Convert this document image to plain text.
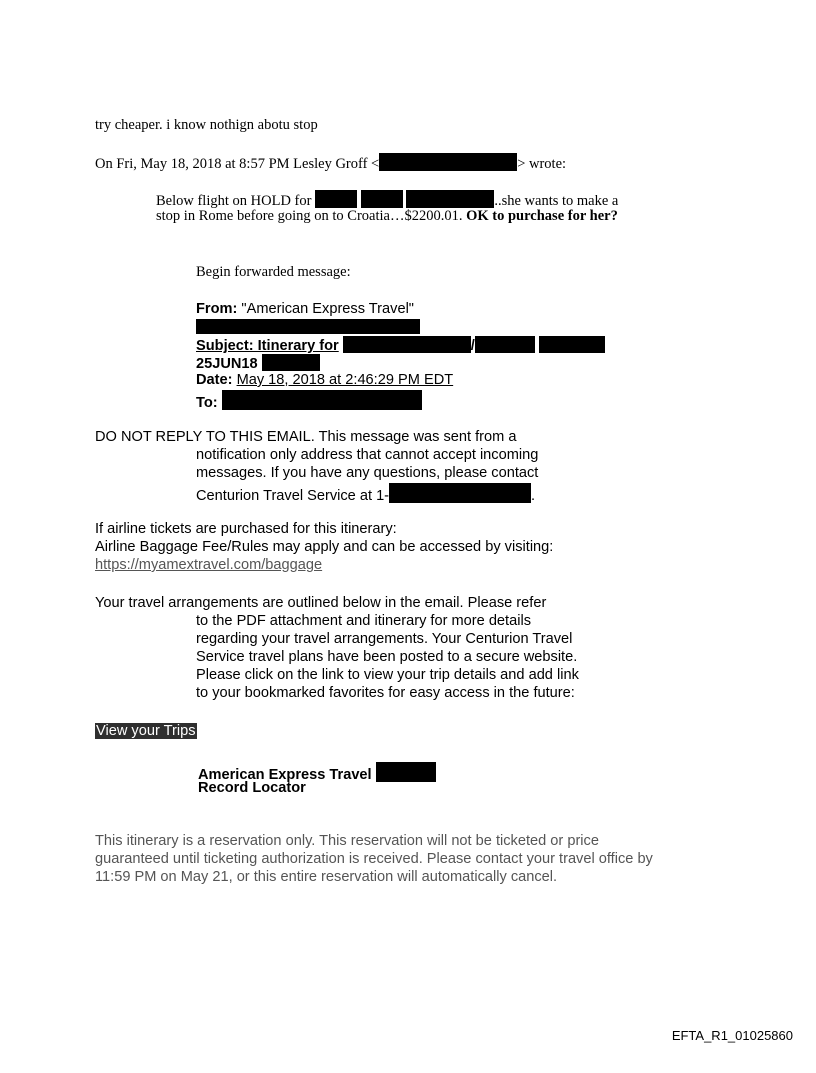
try cheaper. i know nothign abotu stop
On Fri, May 18, 2018 at 8:57 PM Lesley Groff <	> wrote:
Below flight on HOLD for	..she wants to make a
stop in Rome before going on to Croatia…$2200.01. OK to purchase for her?
Begin forwarded message:
From: "American Express Travel"
Subject: Itinerary for	/
25JUN18
Date: May 18, 2018 at 2:46:29 PM EDT
To:
DO NOT REPLY TO THIS EMAIL. This message was sent from a
notification only address that cannot accept incoming
messages. If you have any questions, please contact
Centurion Travel Service at 1-	.
If airline tickets are purchased for this itinerary:
Airline Baggage Fee/Rules may apply and can be accessed by visiting:
https://myamextravel.com/baggage
Your travel arrangements are outlined below in the email. Please refer
to the PDF attachment and itinerary for more details
regarding your travel arrangements. Your Centurion Travel
Service travel plans have been posted to a secure website.
Please click on the link to view your trip details and add link
to your bookmarked favorites for easy access in the future:
View your Trips
American Express Travel
Record Locator
This itinerary is a reservation only. This reservation will not be ticketed or price
guaranteed until ticketing authorization is received. Please contact your travel office by
11:59 PM on May 21, or this entire reservation will automatically cancel.
EFTA_R1_01025860
